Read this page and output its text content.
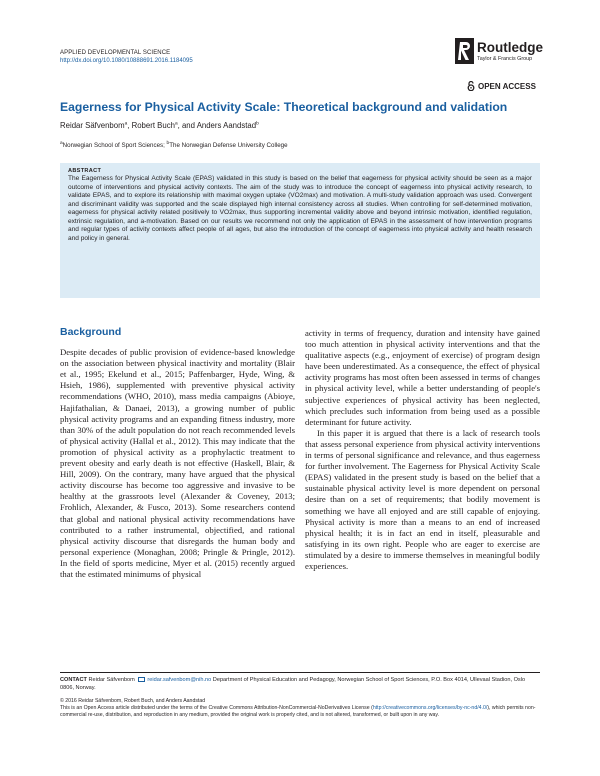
APPLIED DEVELOPMENTAL SCIENCE
http://dx.doi.org/10.1080/10888691.2016.1184095
Routledge
Taylor & Francis Group
OPEN ACCESS
Eagerness for Physical Activity Scale: Theoretical background and validation
Reidar Säfvenbom$^a$, Robert Buch$^a$, and Anders Aandstad$^b$
$^a$Norwegian School of Sport Sciences; $^b$The Norwegian Defense University College
ABSTRACT

The Eagerness for Physical Activity Scale (EPAS) validated in this study is based on the belief that eagerness for physical activity should be seen as a major outcome of interventions and physical activity contexts. The aim of the study was to introduce the concept of eagerness into physical activity research, to validate EPAS, and to explore its relationship with maximal oxygen uptake (VO2max) and motivation. A multi-study validation approach was used. Convergent and discriminant validity was supported and the scale displayed high internal consistency across all studies. When controlling for self-determined motivation, eagerness for physical activity related positively to VO2max, thus supporting incremental validity above and beyond intrinsic motivation, identified regulation, extrinsic regulation, and a-motivation. Based on our results we recommend not only the application of EPAS in the assessment of how intervention programs and regular types of activity contexts affect people of all ages, but also the introduction of the concept of eagerness into physical activity and health research and policy in general.

Background

Despite decades of public provision of evidence-based knowledge on the association between physical inactivity and mortality (Blair et al., 1995; Ekelund et al., 2015; Paffenbarger, Hyde, Wing, & Hsieh, 1986), supplemented with preventive physical activity recommendations (WHO, 2010), mass media campaigns (Abioye, Hajifathalian, & Danaei, 2013), a growing number of public physical activity programs and an expanding fitness industry, more than 30% of the adult population do not reach recommended levels of physical activity (Hallal et al., 2012). This may indicate that the promotion of physical activity as a prophylactic treatment to prevent obesity and early death is not effective (Haskell, Blair, & Hill, 2009). On the contrary, many have argued that the physical activity discourse has become too aggressive and invasive to be healthy at the grassroots level (Alexander & Coveney, 2013; Frohlich, Alexander, & Fusco, 2013). Some researchers contend that global and national physical activity recommendations have contributed to a rather instrumental, objectified, and rational physical activity discourse that disregards the human body and personal experience (Monaghan, 2008; Pringle & Pringle, 2012). In the field of sports medicine, Myer et al. (2015) recently argued that the estimated minimums of physical

activity in terms of frequency, duration and intensity have gained too much attention in physical activity interventions and that the qualitative aspects (e.g., enjoyment of exercise) of program design have been underestimated. As a consequence, the effect of physical activity programs has most often been assessed in terms of changes in physical activity level, while a better understanding of people's subjective experiences of physical activity has been neglected, which precludes such information from being used as a possible determinant for future activity.

In this paper it is argued that there is a lack of research tools that assess personal experience from physical activity interventions in terms of personal significance and relevance, and thus eagerness for further involvement. The Eagerness for Physical Activity Scale (EPAS) validated in the present study is based on the belief that a sustainable physical activity level is more dependent on personal desire than on a set of requirements; that bodily movement is something we have all enjoyed and are still capable of enjoying. Physical activity is more than a means to an end of increased physical health; it is in fact an end in itself, pleasurable and satisfying in its own right. People who are eager to exercise are stimulated by a desire to immerse themselves in meaningful bodily experiences.

CONTACT Reidar Säfvenbom reidar.safvenbom@nih.no Department of Physical Education and Pedagogy, Norwegian School of Sport Sciences, P.O. Box 4014, Ullevaal Stadion, Oslo 0806, Norway.
© 2016 Reidar Säfvenbom, Robert Buch, and Anders Aandstad
This is an Open Access article distributed under the terms of the Creative Commons Attribution-NonCommercial-NoDerivatives License (http://creativecommons.org/licenses/by-nc-nd/4.0/), which permits non-commercial re-use, distribution, and reproduction in any medium, provided the original work is properly cited, and is not altered, transformed, or built upon in any way.
